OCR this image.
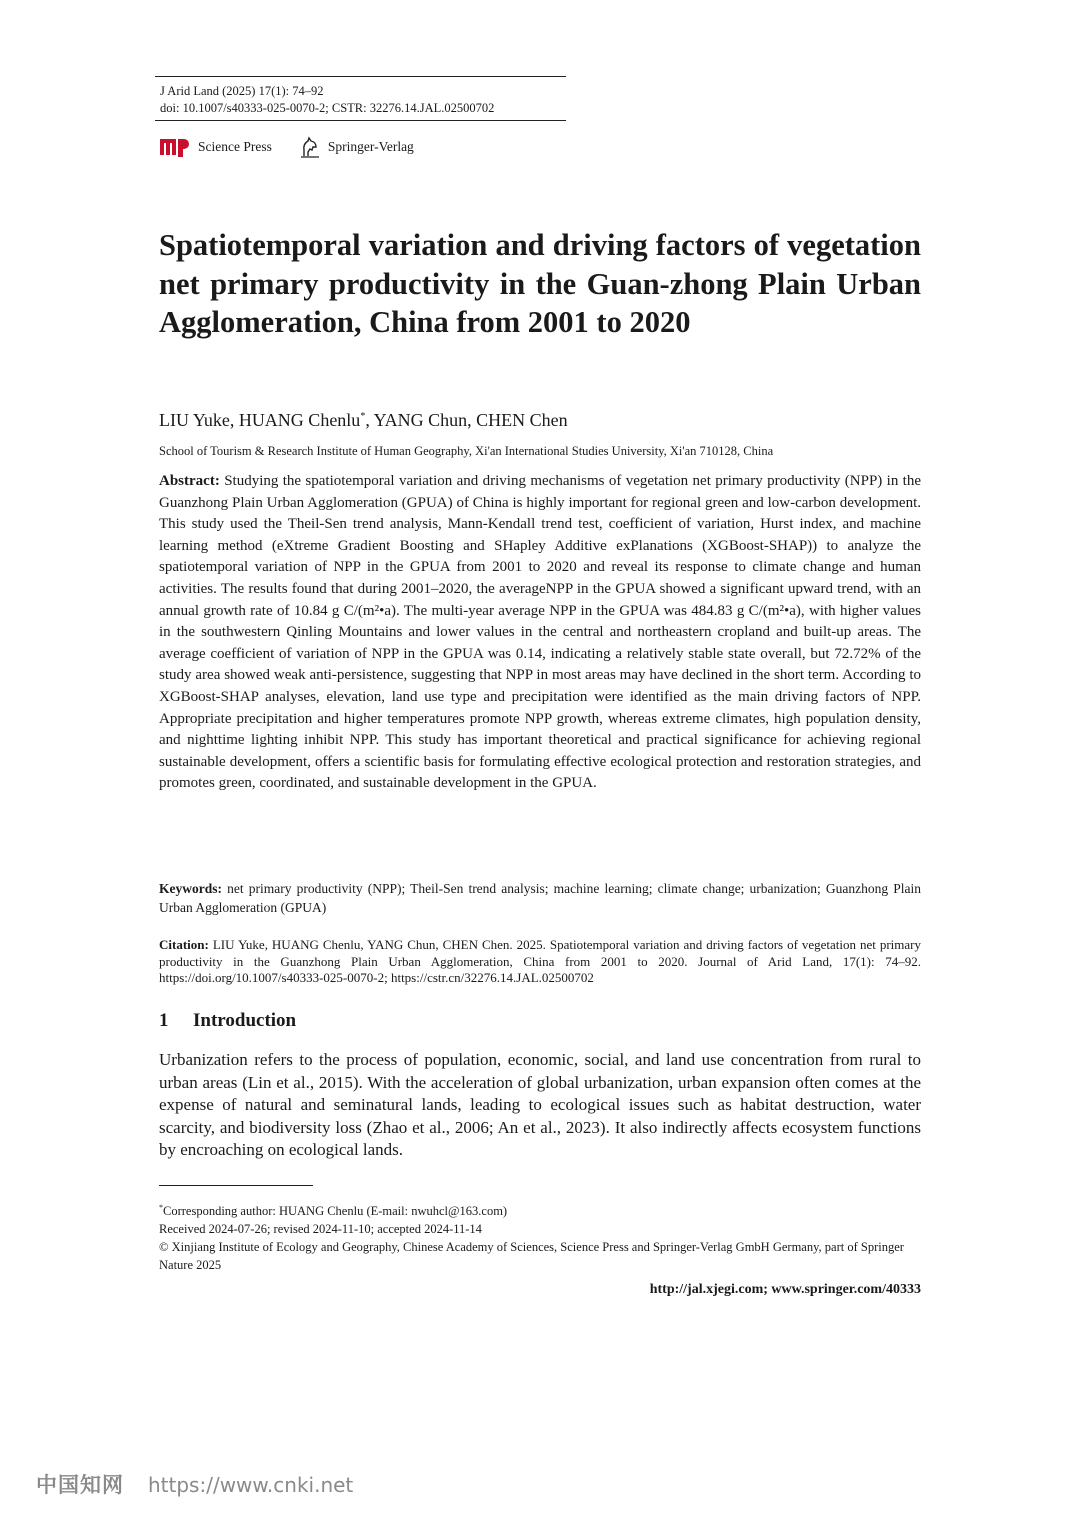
J Arid Land (2025) 17(1): 74–92
doi: 10.1007/s40333-025-0070-2; CSTR: 32276.14.JAL.02500702
Science Press	Springer-Verlag
Spatiotemporal variation and driving factors of vegetation net primary productivity in the Guan-zhong Plain Urban Agglomeration, China from 2001 to 2020
LIU Yuke, HUANG Chenlu*, YANG Chun, CHEN Chen
School of Tourism & Research Institute of Human Geography, Xi'an International Studies University, Xi'an 710128, China

Abstract: Studying the spatiotemporal variation and driving mechanisms of vegetation net primary productivity (NPP) in the Guanzhong Plain Urban Agglomeration (GPUA) of China is highly important for regional green and low-carbon development. This study used the Theil-Sen trend analysis, Mann-Kendall trend test, coefficient of variation, Hurst index, and machine learning method (eXtreme Gradient Boosting and SHapley Additive exPlanations (XGBoost-SHAP)) to analyze the spatiotemporal variation of NPP in the GPUA from 2001 to 2020 and reveal its response to climate change and human activities. The results found that during 2001–2020, the averageNPP in the GPUA showed a significant upward trend, with an annual growth rate of 10.84 g C/(m²•a). The multi-year average NPP in the GPUA was 484.83 g C/(m²•a), with higher values in the southwestern Qinling Mountains and lower values in the central and northeastern cropland and built-up areas. The average coefficient of variation of NPP in the GPUA was 0.14, indicating a relatively stable state overall, but 72.72% of the study area showed weak anti-persistence, suggesting that NPP in most areas may have declined in the short term. According to XGBoost-SHAP analyses, elevation, land use type and precipitation were identified as the main driving factors of NPP. Appropriate precipitation and higher temperatures promote NPP growth, whereas extreme climates, high population density, and nighttime lighting inhibit NPP. This study has important theoretical and practical significance for achieving regional sustainable development, offers a scientific basis for formulating effective ecological protection and restoration strategies, and promotes green, coordinated, and sustainable development in the GPUA.

Keywords: net primary productivity (NPP); Theil-Sen trend analysis; machine learning; climate change; urbanization; Guanzhong Plain Urban Agglomeration (GPUA)

Citation: LIU Yuke, HUANG Chenlu, YANG Chun, CHEN Chen. 2025. Spatiotemporal variation and driving factors of vegetation net primary productivity in the Guanzhong Plain Urban Agglomeration, China from 2001 to 2020. Journal of Arid Land, 17(1): 74–92. https://doi.org/10.1007/s40333-025-0070-2; https://cstr.cn/32276.14.JAL.02500702

1 Introduction

Urbanization refers to the process of population, economic, social, and land use concentration from rural to urban areas (Lin et al., 2015). With the acceleration of global urbanization, urban expansion often comes at the expense of natural and seminatural lands, leading to ecological issues such as habitat destruction, water scarcity, and biodiversity loss (Zhao et al., 2006; An et al., 2023). It also indirectly affects ecosystem functions by encroaching on ecological lands.

*Corresponding author: HUANG Chenlu (E-mail: nwuhcl@163.com)
Received 2024-07-26; revised 2024-11-10; accepted 2024-11-14
© Xinjiang Institute of Ecology and Geography, Chinese Academy of Sciences, Science Press and Springer-Verlag GmbH Germany, part of Springer Nature 2025
http://jal.xjegi.com; www.springer.com/40333
中国知网 https://www.cnki.net
